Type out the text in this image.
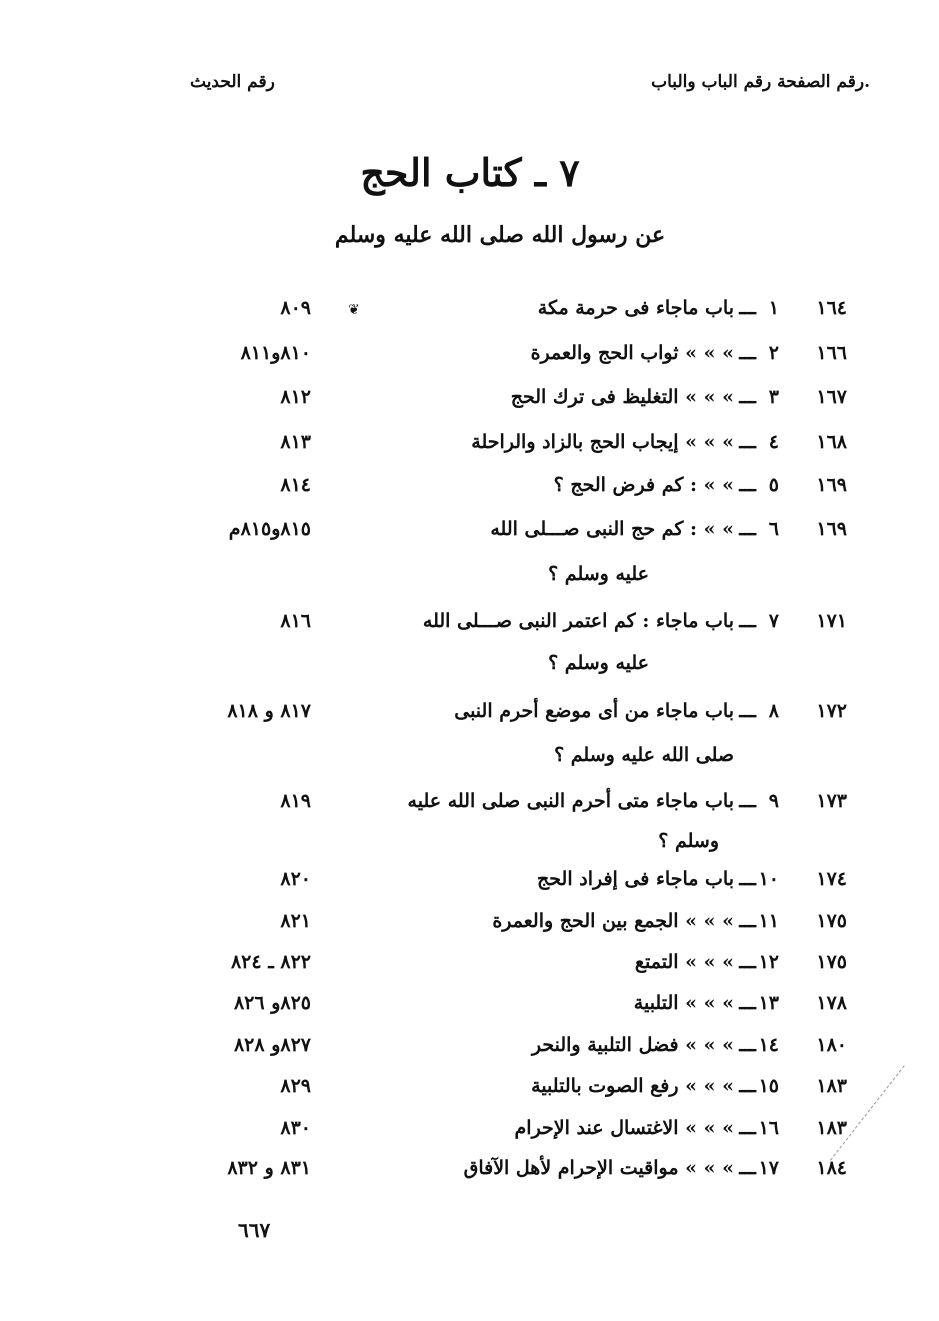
.رقم الصفحة رقم الباب والباب
رقم الحديث
٧ ـ كتاب الحج
عن رسول الله صلى الله عليه وسلم
❦	١٦٤
١
ـــ
باب ماجاء فى حرمة مكة
٨٠٩
١٦٦
٢
ـــ
» » » ثواب الحج والعمرة
٨١٠و٨١١
١٦٧
٣
ـــ
» » » التغليظ فى ترك الحج
٨١٢
١٦٨
٤
ـــ
» » » إيجاب الحج بالزاد والراحلة
٨١٣
١٦٩
٥
ـــ
» » : كم فرض الحج ؟
٨١٤
١٦٩
٦
ـــ
» » : كم حج النبى صـــلى الله
٨١٥و٨١٥م
عليه وسلم ؟
١٧١
٧
ـــ
باب ماجاء : كم اعتمر النبى صـــلى الله
٨١٦
عليه وسلم ؟
١٧٢
٨
ـــ
باب ماجاء من أى موضع أحرم النبى
٨١٧ و ٨١٨
صلى الله عليه وسلم ؟
١٧٣
٩
ـــ
باب ماجاء متى أحرم النبى صلى الله عليه
٨١٩
وسلم ؟
١٧٤
١٠
ـــ
باب ماجاء فى إفراد الحج
٨٢٠
١٧٥
١١
ـــ
» » » الجمع بين الحج والعمرة
٨٢١
١٧٥
١٢
ـــ
» » » التمتع
٨٢٢ ـ ٨٢٤
١٧٨
١٣
ـــ
» » » التلبية
٨٢٥و ٨٢٦
١٨٠
١٤
ـــ
» » » فضل التلبية والنحر
٨٢٧و ٨٢٨
١٨٣
١٥
ـــ
» » » رفع الصوت بالتلبية
٨٢٩
١٨٣
١٦
ـــ
» » » الاغتسال عند الإحرام
٨٣٠
١٨٤
١٧
ـــ
» » » مواقيت الإحرام لأهل الآفاق
٨٣١ و ٨٣٢
٦٦٧
